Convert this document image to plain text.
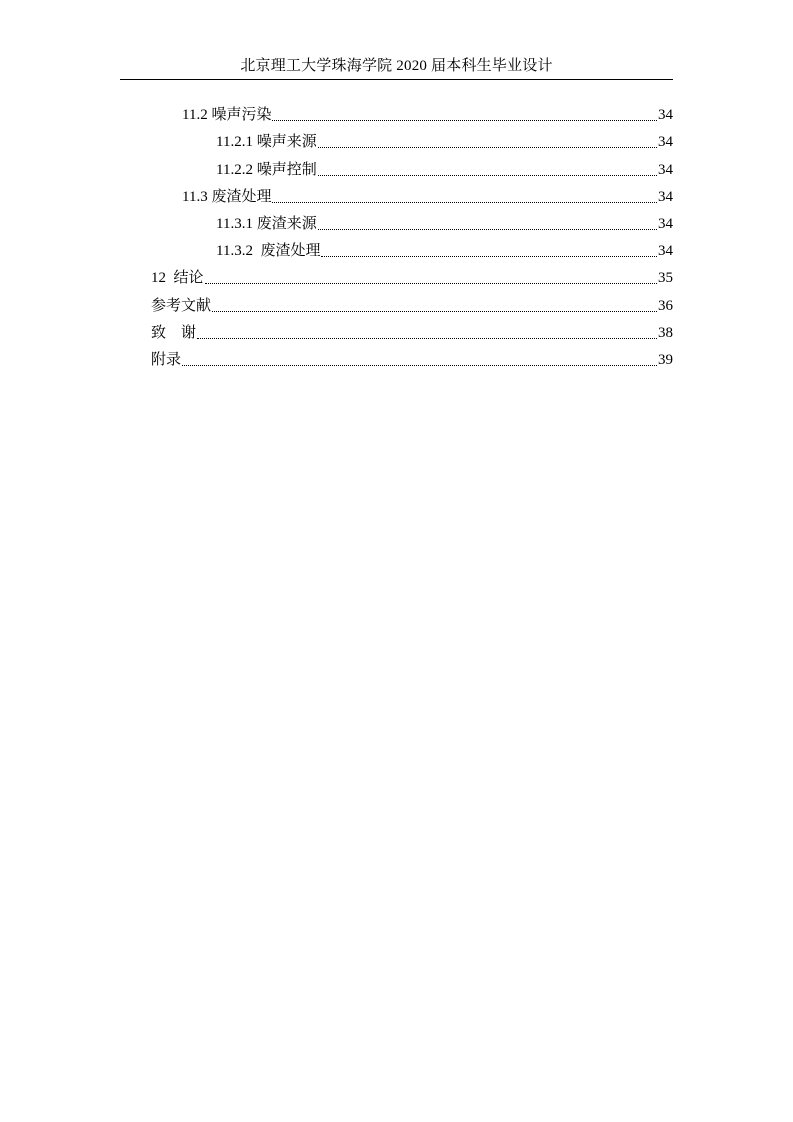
北京理工大学珠海学院 2020 届本科生毕业设计
11.2 噪声污染	34
11.2.1 噪声来源	34
11.2.2 噪声控制	34
11.3 废渣处理	34
11.3.1 废渣来源	34
11.3.2  废渣处理	34
12  结论	35
参考文献	36
致    谢	38
附录	39
